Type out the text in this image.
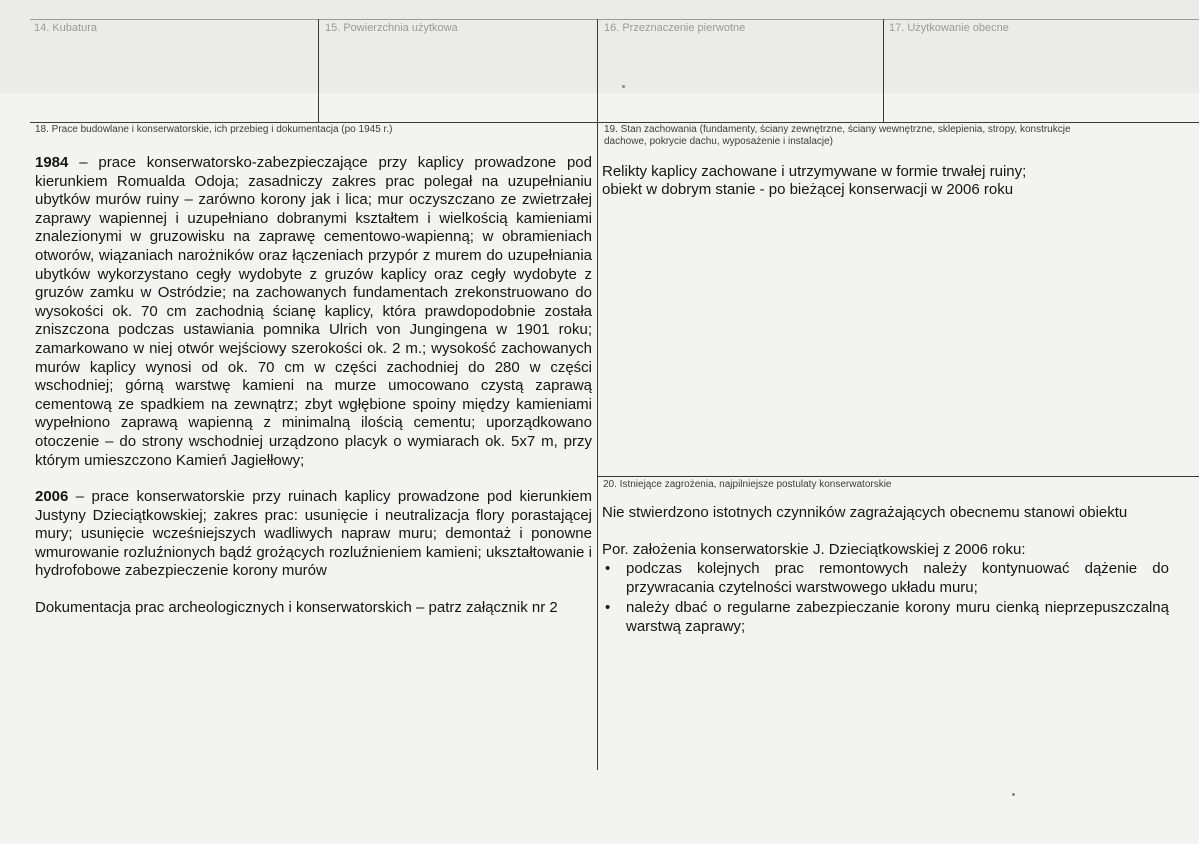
14. Kubatura	15. Powierzchnia użytkowa	16. Przeznaczenie pierwotne	17. Użytkowanie obecne
18. Prace budowlane i konserwatorskie, ich przebieg i dokumentacja (po 1945 r.)

1984 – prace konserwatorsko-zabezpieczające przy kaplicy prowadzone pod kierunkiem Romualda Odoja; zasadniczy zakres prac polegał na uzupełnianiu ubytków murów ruiny – zarówno korony jak i lica; mur oczyszczano ze zwietrzałej zaprawy wapiennej i uzupełniano dobranymi kształtem i wielkością kamieniami znalezionymi w gruzowisku na zaprawę cementowo-wapienną; w obramieniach otworów, wiązaniach narożników oraz łączeniach przypór z murem do uzupełniania ubytków wykorzystano cegły wydobyte z gruzów kaplicy oraz cegły wydobyte z gruzów zamku w Ostródzie; na zachowanych fundamentach zrekonstruowano do wysokości ok. 70 cm zachodnią ścianę kaplicy, która prawdopodobnie została zniszczona podczas ustawiania pomnika Ulrich von Jungingena w 1901 roku; zamarkowano w niej otwór wejściowy szerokości ok. 2 m.; wysokość zachowanych murów kaplicy wynosi od ok. 70 cm w części zachodniej do 280 w części wschodniej; górną warstwę kamieni na murze umocowano czystą zaprawą cementową ze spadkiem na zewnątrz; zbyt wgłębione spoiny między kamieniami wypełniono zaprawą wapienną z minimalną ilością cementu; uporządkowano otoczenie – do strony wschodniej urządzono placyk o wymiarach ok. 5x7 m, przy którym umieszczono Kamień Jagiełłowy;

2006 – prace konserwatorskie przy ruinach kaplicy prowadzone pod kierunkiem Justyny Dzieciątkowskiej; zakres prac: usunięcie i neutralizacja flory porastającej mury; usunięcie wcześniejszych wadliwych napraw muru; demontaż i ponowne wmurowanie rozluźnionych bądź grożących rozluźnieniem kamieni; ukształtowanie i hydrofobowe zabezpieczenie korony murów

Dokumentacja prac archeologicznych i konserwatorskich – patrz załącznik nr 2

19. Stan zachowania (fundamenty, ściany zewnętrzne, ściany wewnętrzne, sklepienia, stropy, konstrukcje dachowe, pokrycie dachu, wyposażenie i instalacje)
Relikty kaplicy zachowane i utrzymywane w formie trwałej ruiny;
obiekt w dobrym stanie - po bieżącej konserwacji w 2006 roku
20. Istniejące zagrożenia, najpilniejsze postulaty konserwatorskie
Nie stwierdzono istotnych czynników zagrażających obecnemu stanowi obiektu
Por. założenia konserwatorskie J. Dzieciątkowskiej z 2006 roku:
• podczas kolejnych prac remontowych należy kontynuować dążenie do przywracania czytelności warstwowego układu muru;
• należy dbać o regularne zabezpieczanie korony muru cienką nieprzepuszczalną warstwą zaprawy;
